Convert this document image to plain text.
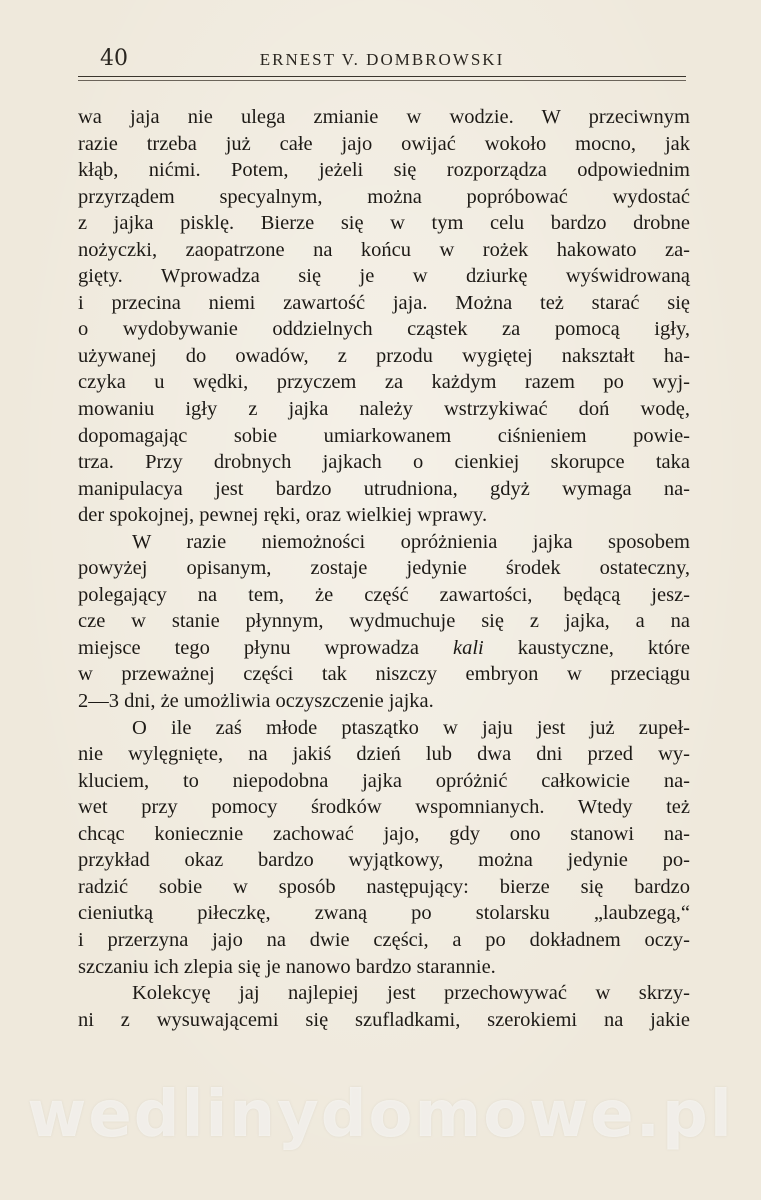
40	ERNEST V. DOMBROWSKI
wa jaja nie ulega zmianie w wodzie. W przeciwnym
razie trzeba już całe jajo owijać wokoło mocno, jak
kłąb, nićmi. Potem, jeżeli się rozporządza odpowiednim
przyrządem specyalnym, można popróbować wydostać
z jajka pisklę. Bierze się w tym celu bardzo drobne
nożyczki, zaopatrzone na końcu w rożek hakowato za-
gięty. Wprowadza się je w dziurkę wyświdrowaną
i przecina niemi zawartość jaja. Można też starać się
o wydobywanie oddzielnych cząstek za pomocą igły,
używanej do owadów, z przodu wygiętej nakształt ha-
czyka u wędki, przyczem za każdym razem po wyj-
mowaniu igły z jajka należy wstrzykiwać doń wodę,
dopomagając sobie umiarkowanem ciśnieniem powie-
trza. Przy drobnych jajkach o cienkiej skorupce taka
manipulacya jest bardzo utrudniona, gdyż wymaga na-
der spokojnej, pewnej ręki, oraz wielkiej wprawy.
W razie niemożności opróżnienia jajka sposobem
powyżej opisanym, zostaje jedynie środek ostateczny,
polegający na tem, że część zawartości, będącą jesz-
cze w stanie płynnym, wydmuchuje się z jajka, a na
miejsce tego płynu wprowadza kali kaustyczne, które
w przeważnej części tak niszczy embryon w przeciągu
2—3 dni, że umożliwia oczyszczenie jajka.
O ile zaś młode ptaszątko w jaju jest już zupeł-
nie wylęgnięte, na jakiś dzień lub dwa dni przed wy-
kluciem, to niepodobna jajka opróżnić całkowicie na-
wet przy pomocy środków wspomnianych. Wtedy też
chcąc koniecznie zachować jajo, gdy ono stanowi na-
przykład okaz bardzo wyjątkowy, można jedynie po-
radzić sobie w sposób następujący: bierze się bardzo
cieniutką piłeczkę, zwaną po stolarsku „laubzegą,“
i przerzyna jajo na dwie części, a po dokładnem oczy-
szczaniu ich zlepia się je nanowo bardzo starannie.
Kolekcyę jaj najlepiej jest przechowywać w skrzy-
ni z wysuwającemi się szufladkami, szerokiemi na jakie
wedlinydomowe.pl
